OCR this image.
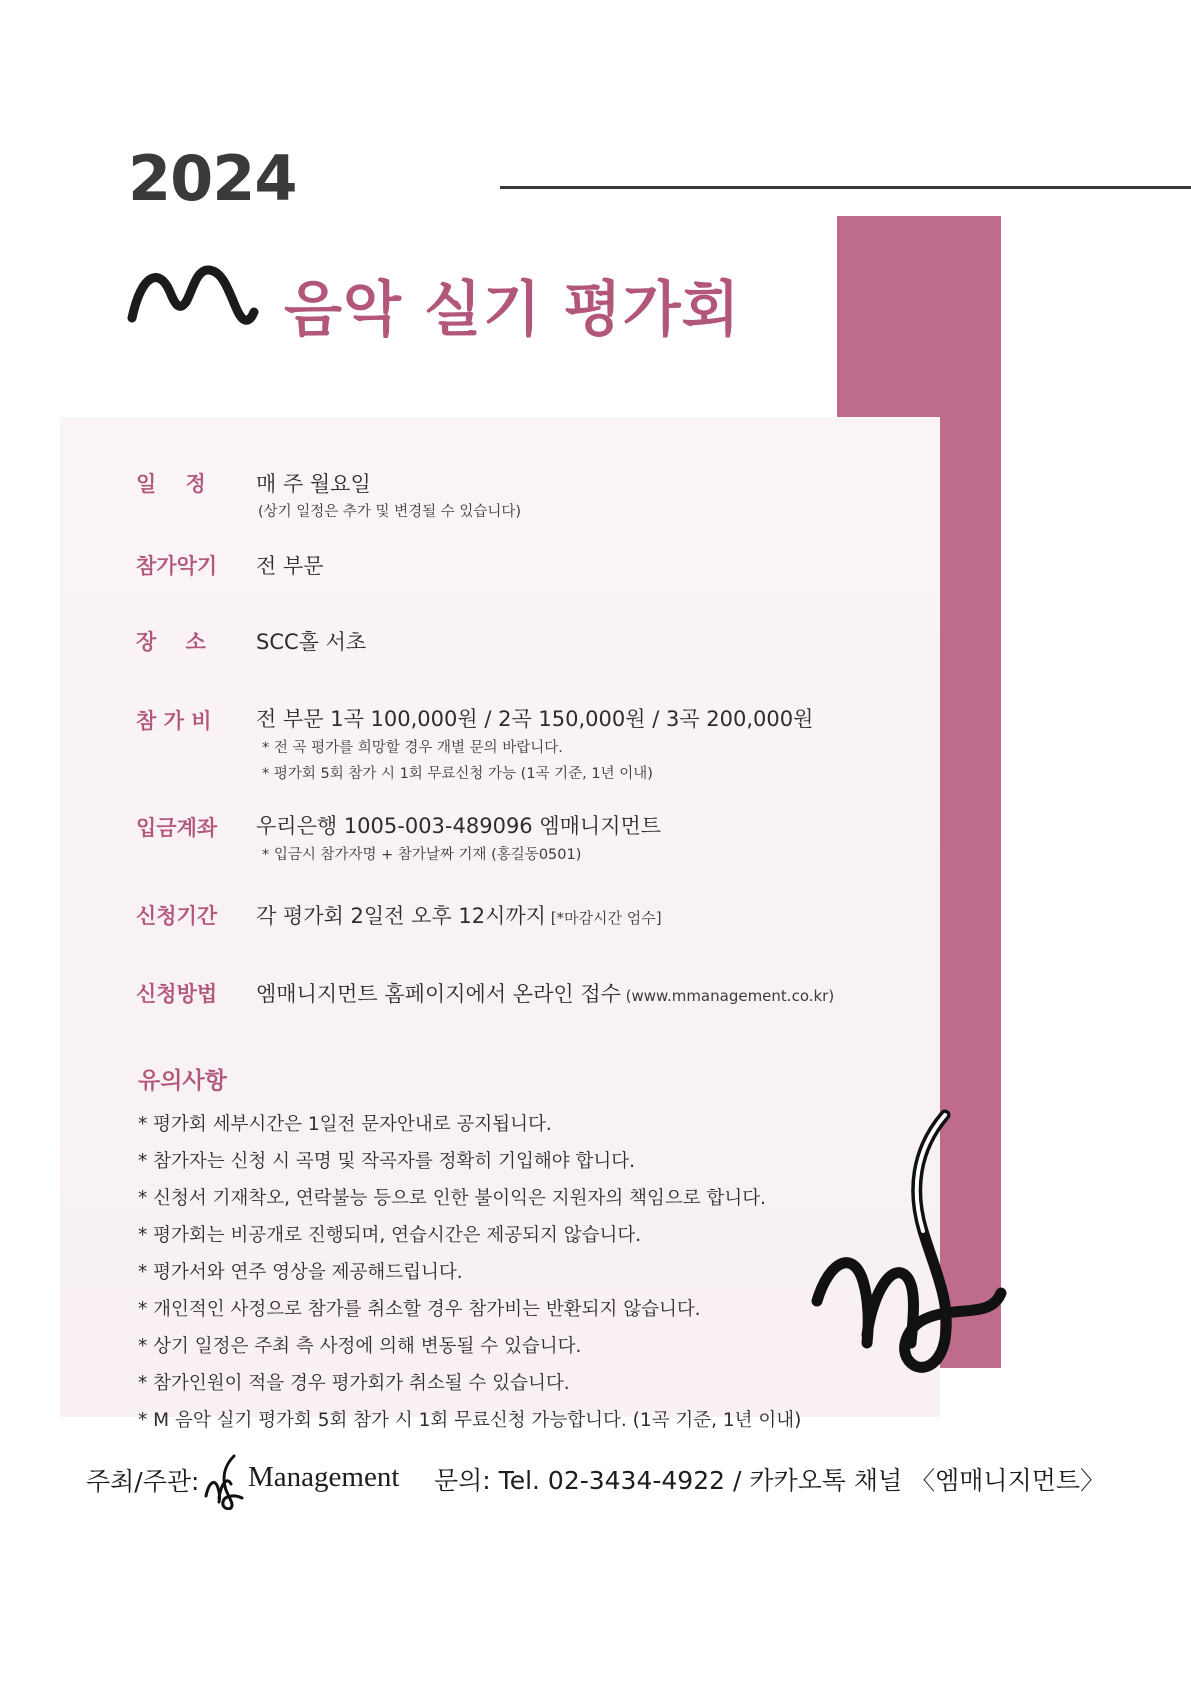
2024
음악 실기 평가회
일    정 매 주 월요일
(상기 일정은 추가 및 변경될 수 있습니다)
참가악기 전 부문
장    소 SCC홀 서초
참 가 비 전 부문 1곡 100,000원 / 2곡 150,000원 / 3곡 200,000원
* 전 곡 평가를 희망할 경우 개별 문의 바랍니다.
* 평가회 5회 참가 시 1회 무료신청 가능 (1곡 기준, 1년 이내)
입금계좌 우리은행 1005-003-489096 엠매니지먼트
* 입금시 참가자명 + 참가날짜 기재 (홍길동0501)
신청기간 각 평가회 2일전 오후 12시까지 [*마감시간 엄수]
신청방법 엠매니지먼트 홈페이지에서 온라인 접수 (www.mmanagement.co.kr)
유의사항
* 평가회 세부시간은 1일전 문자안내로 공지됩니다.
* 참가자는 신청 시 곡명 및 작곡자를 정확히 기입해야 합니다.
* 신청서 기재착오, 연락불능 등으로 인한 불이익은 지원자의 책임으로 합니다.
* 평가회는 비공개로 진행되며, 연습시간은 제공되지 않습니다.
* 평가서와 연주 영상을 제공해드립니다.
* 개인적인 사정으로 참가를 취소할 경우 참가비는 반환되지 않습니다.
* 상기 일정은 주최 측 사정에 의해 변동될 수 있습니다.
* 참가인원이 적을 경우 평가회가 취소될 수 있습니다.
* M 음악 실기 평가회 5회 참가 시 1회 무료신청 가능합니다. (1곡 기준, 1년 이내)
주최/주관: Management 문의: Tel. 02-3434-4922 / 카카오톡 채널 〈엠매니지먼트〉
